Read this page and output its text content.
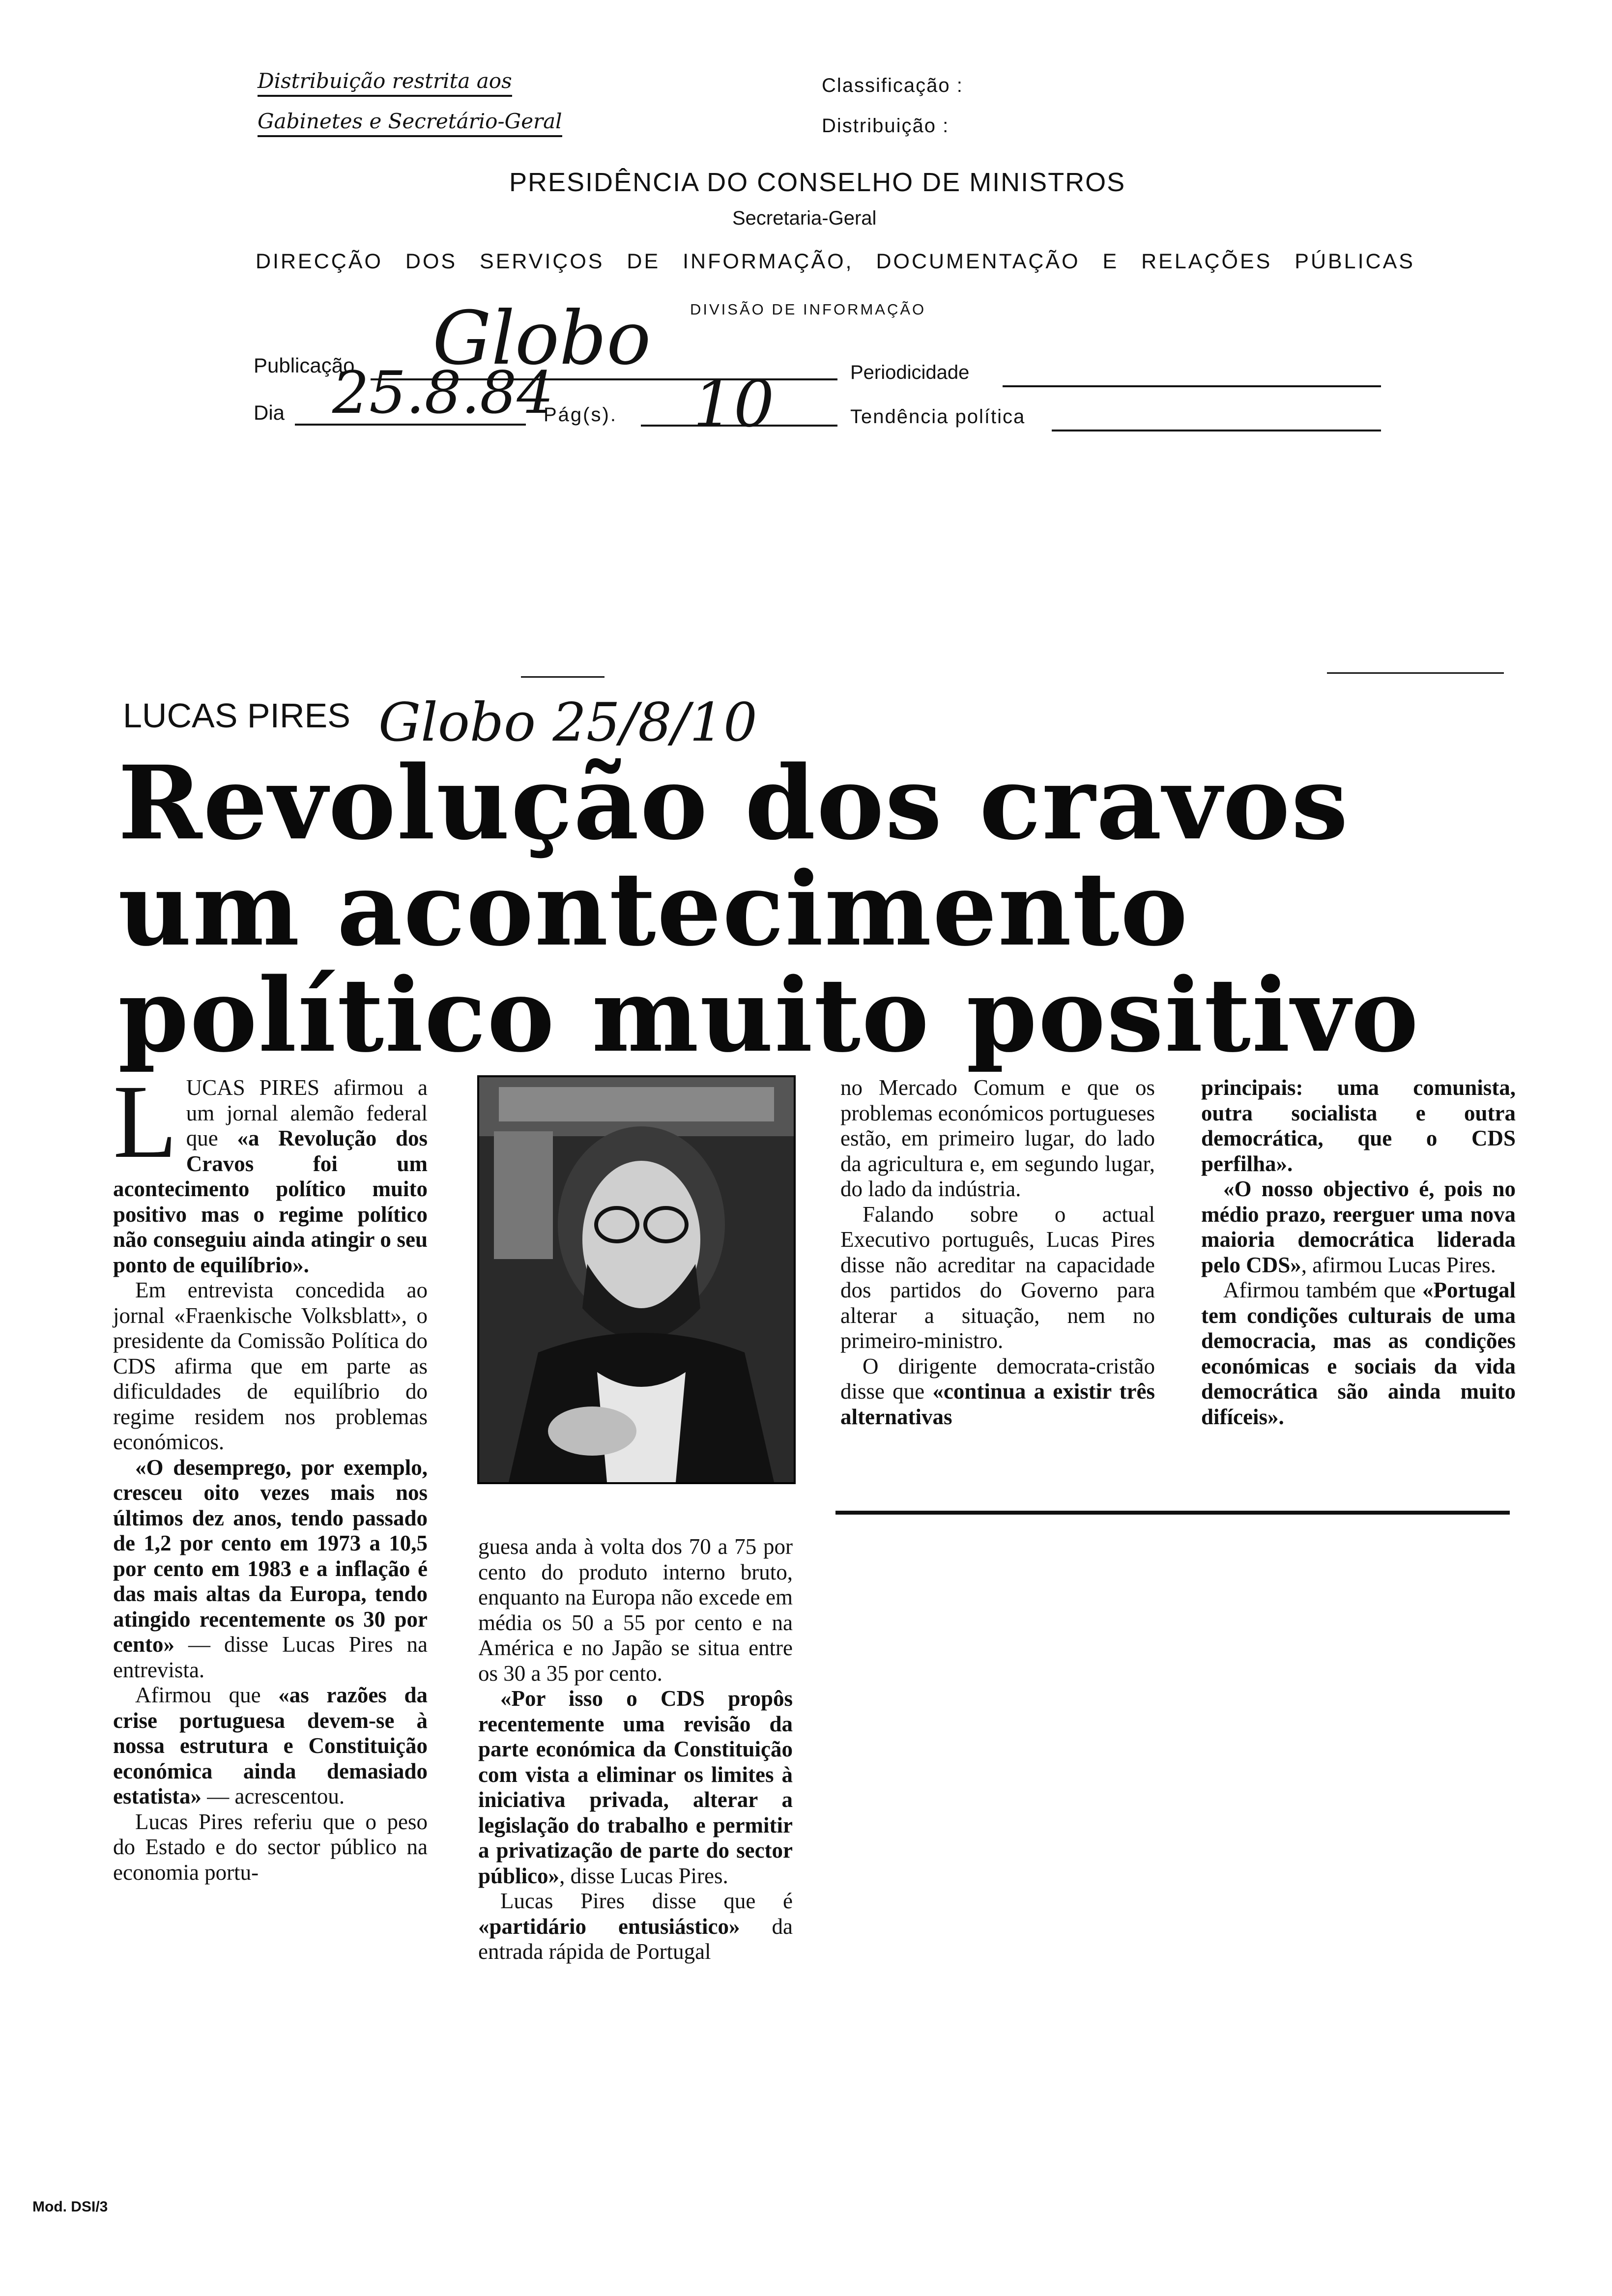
Distribuição restrita aos
Gabinetes e Secretário-Geral
Classificação :
Distribuição :
PRESIDÊNCIA DO CONSELHO DE MINISTROS
Secretaria-Geral
DIRECÇÃO DOS SERVIÇOS DE INFORMAÇÃO, DOCUMENTAÇÃO E RELAÇÕES PÚBLICAS
DIVISÃO DE INFORMAÇÃO
Publicação Globo	Periodicidade
Dia 25.8.84
Pág(s). 10	Tendência política
LUCAS PIRES Globo 25/8/10
Revolução dos cravos
um acontecimento
político muito positivo

LUCAS PIRES afirmou a um jornal alemão federal que «a Revolução dos Cravos foi um acontecimento político muito positivo mas o regime político não conseguiu ainda atingir o seu ponto de equilíbrio».

Em entrevista concedida ao jornal «Fraenkische Volksblatt», o presidente da Comissão Política do CDS afirma que em parte as dificuldades de equilíbrio do regime residem nos problemas económicos.

«O desemprego, por exemplo, cresceu oito vezes mais nos últimos dez anos, tendo passado de 1,2 por cento em 1973 a 10,5 por cento em 1983 e a inflação é das mais altas da Europa, tendo atingido recentemente os 30 por cento» — disse Lucas Pires na entrevista.

Afirmou que «as razões da crise portuguesa devem-se à nossa estrutura e Constituição económica ainda demasiado estatista» — acrescentou.

Lucas Pires referiu que o peso do Estado e do sector público na economia portu-

guesa anda à volta dos 70 a 75 por cento do produto interno bruto, enquanto na Europa não excede em média os 50 a 55 por cento e na América e no Japão se situa entre os 30 a 35 por cento.

«Por isso o CDS propôs recentemente uma revisão da parte económica da Constituição com vista a eliminar os limites à iniciativa privada, alterar a legislação do trabalho e permitir a privatização de parte do sector público», disse Lucas Pires.

Lucas Pires disse que é «partidário entusiástico» da entrada rápida de Portugal

no Mercado Comum e que os problemas económicos portugueses estão, em primeiro lugar, do lado da agricultura e, em segundo lugar, do lado da indústria.

Falando sobre o actual Executivo português, Lucas Pires disse não acreditar na capacidade dos partidos do Governo para alterar a situação, nem no primeiro-ministro.

O dirigente democrata-cristão disse que «continua a existir três alternativas

principais: uma comunista, outra socialista e outra democrática, que o CDS perfilha».

«O nosso objectivo é, pois no médio prazo, reerguer uma nova maioria democrática liderada pelo CDS», afirmou Lucas Pires.

Afirmou também que «Portugal tem condições culturais de uma democracia, mas as condições económicas e sociais da vida democrática são ainda muito difíceis».

Mod. DSI/3
